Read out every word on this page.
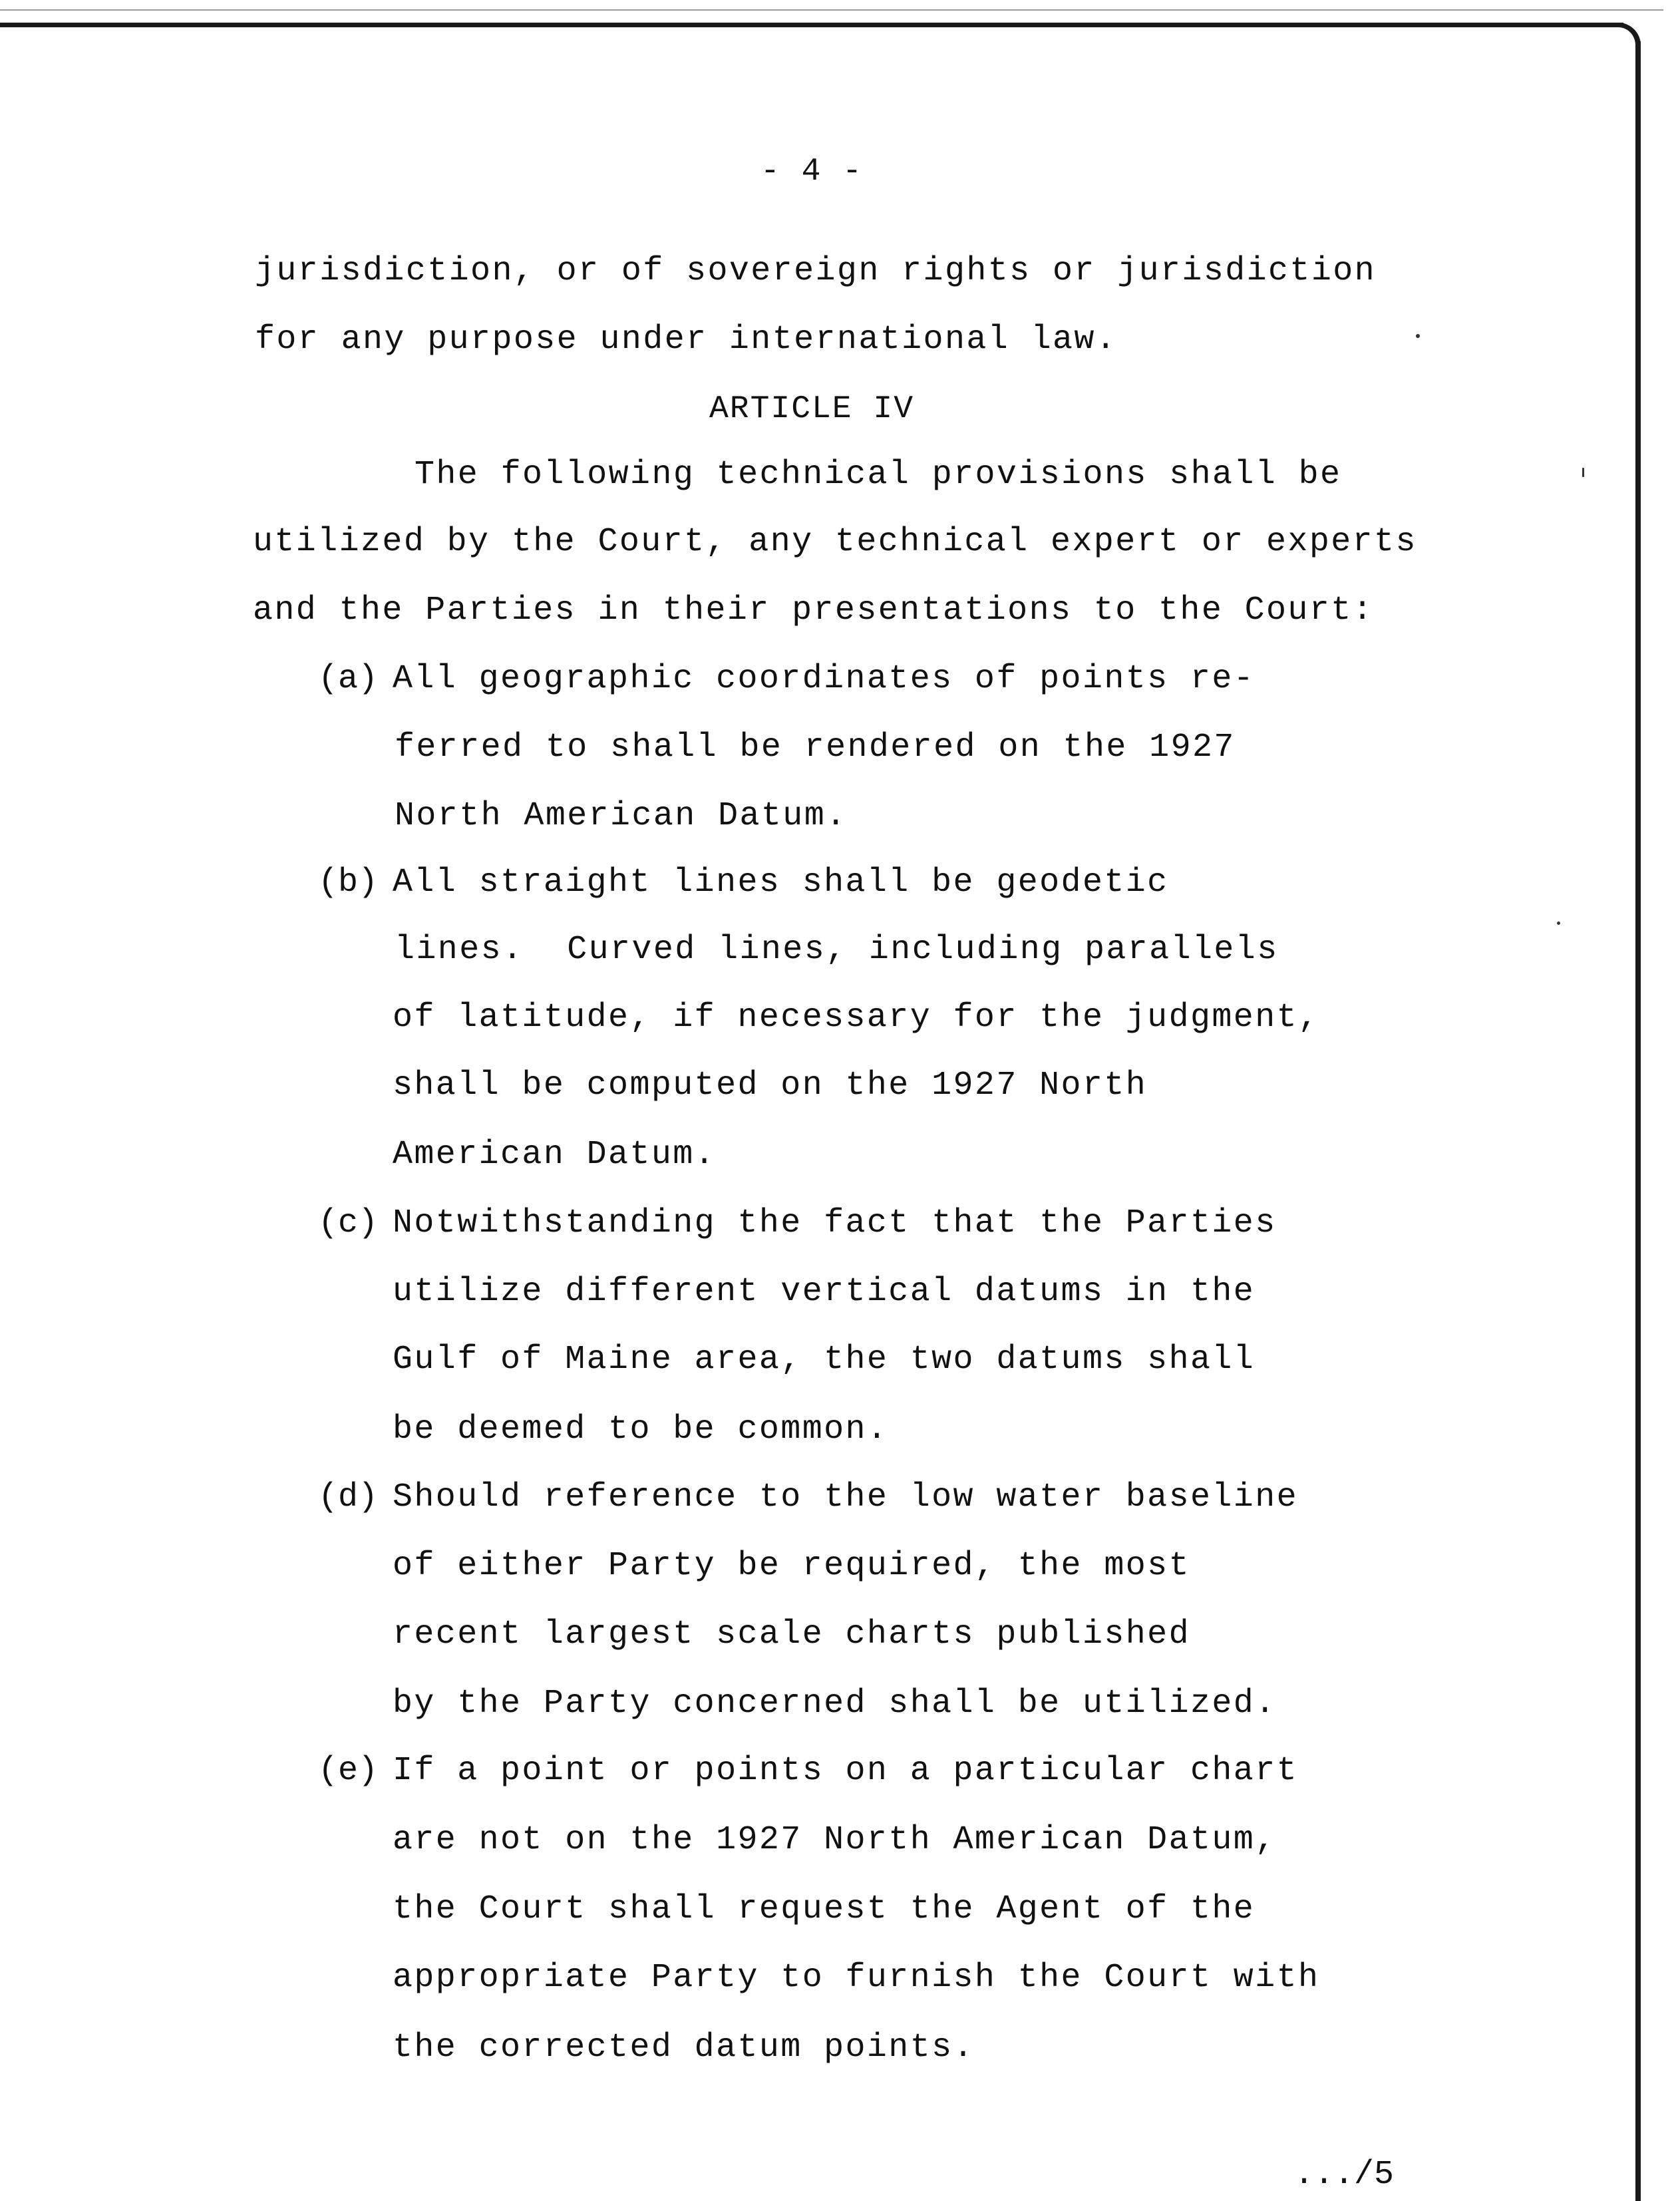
- 4 -
jurisdiction, or of sovereign rights or jurisdiction
for any purpose under international law.
ARTICLE IV
The following technical provisions shall be
utilized by the Court, any technical expert or experts
and the Parties in their presentations to the Court:
(a) All geographic coordinates of points re-
ferred to shall be rendered on the 1927
North American Datum.
(b) All straight lines shall be geodetic
lines.  Curved lines, including parallels
of latitude, if necessary for the judgment,
shall be computed on the 1927 North
American Datum.
(c) Notwithstanding the fact that the Parties
utilize different vertical datums in the
Gulf of Maine area, the two datums shall
be deemed to be common.
(d) Should reference to the low water baseline
of either Party be required, the most
recent largest scale charts published
by the Party concerned shall be utilized.
(e) If a point or points on a particular chart
are not on the 1927 North American Datum,
the Court shall request the Agent of the
appropriate Party to furnish the Court with
the corrected datum points.
.../5
